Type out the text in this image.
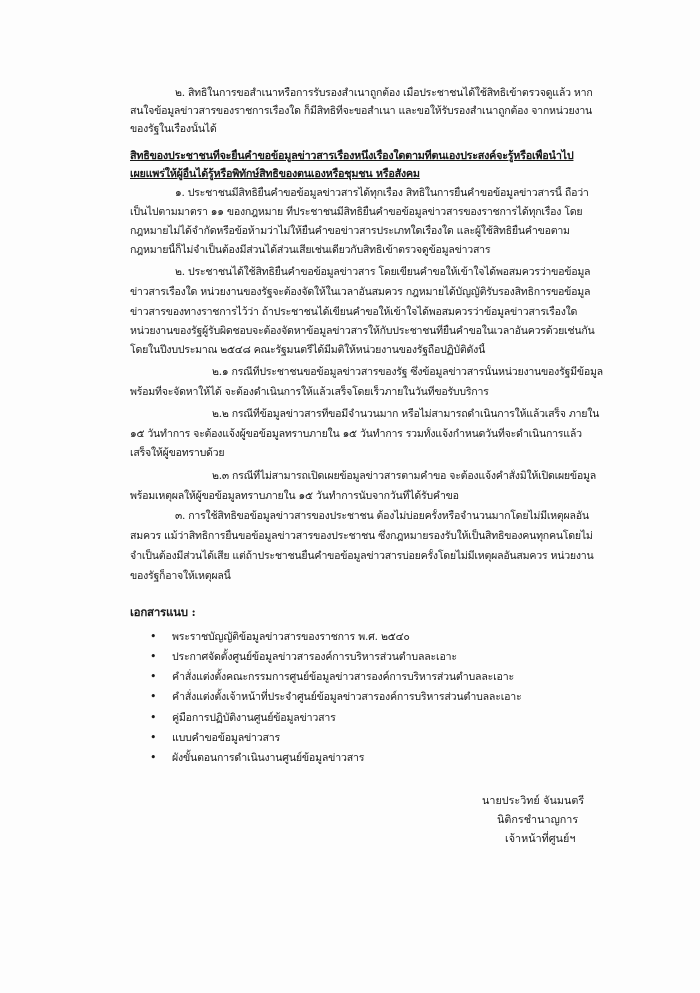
๒. สิทธิในการขอสำเนาหรือการรับรองสำเนาถูกต้อง เมื่อประชาชนได้ใช้สิทธิเข้าตรวจดูแล้ว หาก
สนใจข้อมูลข่าวสารของราชการเรื่องใด ก็มีสิทธิที่จะขอสำเนา และขอให้รับรองสำเนาถูกต้อง จากหน่วยงาน
ของรัฐในเรื่องนั้นได้
สิทธิของประชาชนที่จะยื่นคำขอข้อมูลข่าวสารเรื่องหนึ่งเรื่องใดตามที่ตนเองประสงค์จะรู้หรือเพื่อนำไป
เผยแพร่ให้ผู้อื่นได้รู้หรือพิทักษ์สิทธิของตนเองหรือชุมชน หรือสังคม
๑. ประชาชนมีสิทธิยื่นคำขอข้อมูลข่าวสารได้ทุกเรื่อง สิทธิในการยื่นคำขอข้อมูลข่าวสารนี้ ถือว่า
เป็นไปตามมาตรา ๑๑ ของกฎหมาย ที่ประชาชนมีสิทธิยื่นคำขอข้อมูลข่าวสารของราชการได้ทุกเรื่อง โดย
กฎหมายไม่ได้จำกัดหรือข้อห้ามว่าไม่ให้ยื่นคำขอข่าวสารประเภทใดเรื่องใด และผู้ใช้สิทธิยื่นคำขอตาม
กฎหมายนี้ก็ไม่จำเป็นต้องมีส่วนได้ส่วนเสียเช่นเดียวกับสิทธิเข้าตรวจดูข้อมูลข่าวสาร
๒. ประชาชนได้ใช้สิทธิยื่นคำขอข้อมูลข่าวสาร โดยเขียนคำขอให้เข้าใจได้พอสมควรว่าขอข้อมูล
ข่าวสารเรื่องใด หน่วยงานของรัฐจะต้องจัดให้ในเวลาอันสมควร กฎหมายได้บัญญัติรับรองสิทธิการขอข้อมูล
ข่าวสารของทางราชการไว้ว่า ถ้าประชาชนได้เขียนคำขอให้เข้าใจได้พอสมควรว่าข้อมูลข่าวสารเรื่องใด
หน่วยงานของรัฐผู้รับผิดชอบจะต้องจัดหาข้อมูลข่าวสารให้กับประชาชนที่ยื่นคำขอในเวลาอันควรด้วยเช่นกัน
โดยในปีงบประมาณ ๒๕๔๘ คณะรัฐมนตรีได้มีมติให้หน่วยงานของรัฐถือปฏิบัติดังนี้
๒.๑ กรณีที่ประชาชนขอข้อมูลข่าวสารของรัฐ ซึ่งข้อมูลข่าวสารนั้นหน่วยงานของรัฐมีข้อมูล
พร้อมที่จะจัดหาให้ได้ จะต้องดำเนินการให้แล้วเสร็จโดยเร็วภายในวันที่ขอรับบริการ
๒.๒ กรณีที่ข้อมูลข่าวสารที่ขอมีจำนวนมาก หรือไม่สามารถดำเนินการให้แล้วเสร็จ ภายใน
๑๕ วันทำการ จะต้องแจ้งผู้ขอข้อมูลทราบภายใน ๑๕ วันทำการ รวมทั้งแจ้งกำหนดวันที่จะดำเนินการแล้ว
เสร็จให้ผู้ขอทราบด้วย
๒.๓ กรณีที่ไม่สามารถเปิดเผยข้อมูลข่าวสารตามคำขอ จะต้องแจ้งคำสั่งมิให้เปิดเผยข้อมูล
พร้อมเหตุผลให้ผู้ขอข้อมูลทราบภายใน ๑๕ วันทำการนับจากวันที่ได้รับคำขอ
๓. การใช้สิทธิขอข้อมูลข่าวสารของประชาชน ต้องไม่บ่อยครั้งหรือจำนวนมากโดยไม่มีเหตุผลอัน
สมควร แม้ว่าสิทธิการยื่นขอข้อมูลข่าวสารของประชาชน ซึ่งกฎหมายรองรับให้เป็นสิทธิของคนทุกคนโดยไม่
จำเป็นต้องมีส่วนได้เสีย แต่ถ้าประชาชนยื่นคำขอข้อมูลข่าวสารบ่อยครั้งโดยไม่มีเหตุผลอันสมควร หน่วยงาน
ของรัฐก็อาจให้เหตุผลนี้
เอกสารแนบ :
• พระราชบัญญัติข้อมูลข่าวสารของราชการ พ.ศ. ๒๕๔๐
• ประกาศจัดตั้งศูนย์ข้อมูลข่าวสารองค์การบริหารส่วนตำบลละเอาะ
• คำสั่งแต่งตั้งคณะกรรมการศูนย์ข้อมูลข่าวสารองค์การบริหารส่วนตำบลละเอาะ
• คำสั่งแต่งตั้งเจ้าหน้าที่ประจำศูนย์ข้อมูลข่าวสารองค์การบริหารส่วนตำบลละเอาะ
• คู่มือการปฏิบัติงานศูนย์ข้อมูลข่าวสาร
• แบบคำขอข้อมูลข่าวสาร
• ผังขั้นตอนการดำเนินงานศูนย์ข้อมูลข่าวสาร
นายประวิทย์ จันมนตรี
นิติกรชำนาญการ
เจ้าหน้าที่ศูนย์ฯ
